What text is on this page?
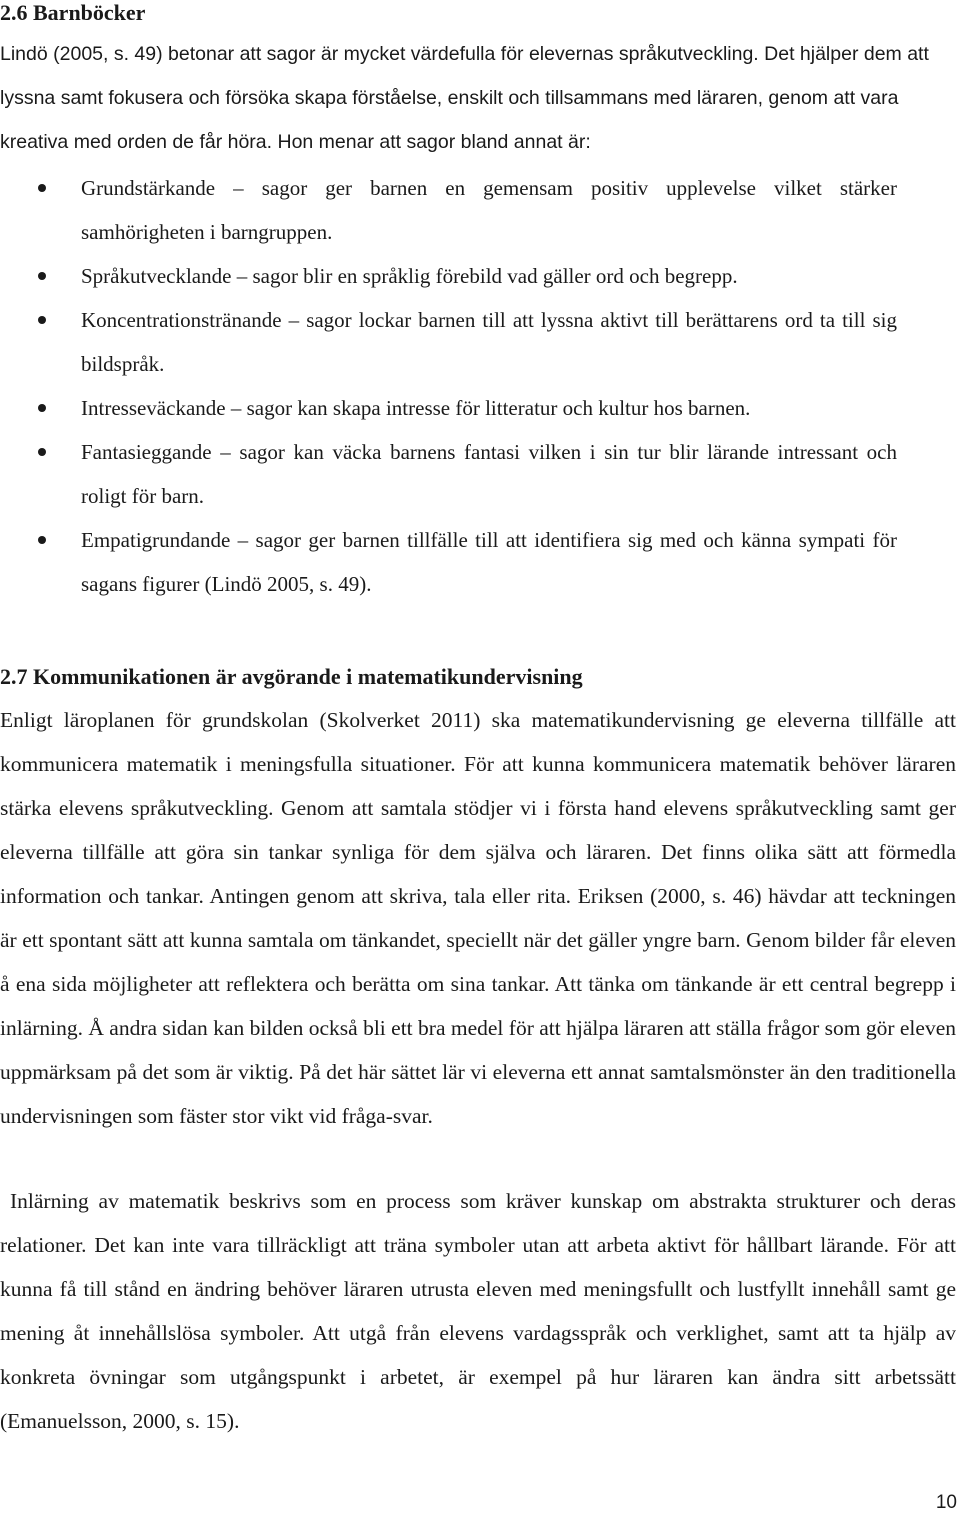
2.6 Barnböcker

Lindö (2005, s. 49) betonar att sagor är mycket värdefulla för elevernas språkutveckling. Det hjälper dem att lyssna samt fokusera och försöka skapa förståelse, enskilt och tillsammans med läraren, genom att vara kreativa med orden de får höra. Hon menar att sagor bland annat är:

Grundstärkande – sagor ger barnen en gemensam positiv upplevelse vilket stärker samhörigheten i barngruppen.
Språkutvecklande – sagor blir en språklig förebild vad gäller ord och begrepp.
Koncentrationstränande – sagor lockar barnen till att lyssna aktivt till berättarens ord ta till sig bildspråk.
Intresseväckande – sagor kan skapa intresse för litteratur och kultur hos barnen.
Fantasieggande – sagor kan väcka barnens fantasi vilken i sin tur blir lärande intressant och roligt för barn.
Empatigrundande – sagor ger barnen tillfälle till att identifiera sig med och känna sympati för sagans figurer (Lindö 2005, s. 49).
2.7 Kommunikationen är avgörande i matematikundervisning

Enligt läroplanen för grundskolan (Skolverket 2011) ska matematikundervisning ge eleverna tillfälle att kommunicera matematik i meningsfulla situationer. För att kunna kommunicera matematik behöver läraren stärka elevens språkutveckling. Genom att samtala stödjer vi i första hand elevens språkutveckling samt ger eleverna tillfälle att göra sin tankar synliga för dem själva och läraren. Det finns olika sätt att förmedla information och tankar. Antingen genom att skriva, tala eller rita. Eriksen (2000, s. 46) hävdar att teckningen är ett spontant sätt att kunna samtala om tänkandet, speciellt när det gäller yngre barn. Genom bilder får eleven å ena sida möjligheter att reflektera och berätta om sina tankar. Att tänka om tänkande är ett central begrepp i inlärning. Å andra sidan kan bilden också bli ett bra medel för att hjälpa läraren att ställa frågor som gör eleven uppmärksam på det som är viktig. På det här sättet lär vi eleverna ett annat samtalsmönster än den traditionella undervisningen som fäster stor vikt vid fråga-svar.

Inlärning av matematik beskrivs som en process som kräver kunskap om abstrakta strukturer och deras relationer. Det kan inte vara tillräckligt att träna symboler utan att arbeta aktivt för hållbart lärande. För att kunna få till stånd en ändring behöver läraren utrusta eleven med meningsfullt och lustfyllt innehåll samt ge mening åt innehållslösa symboler. Att utgå från elevens vardagsspråk och verklighet, samt att ta hjälp av konkreta övningar som utgångspunkt i arbetet, är exempel på hur läraren kan ändra sitt arbetssätt (Emanuelsson, 2000, s. 15).

10
